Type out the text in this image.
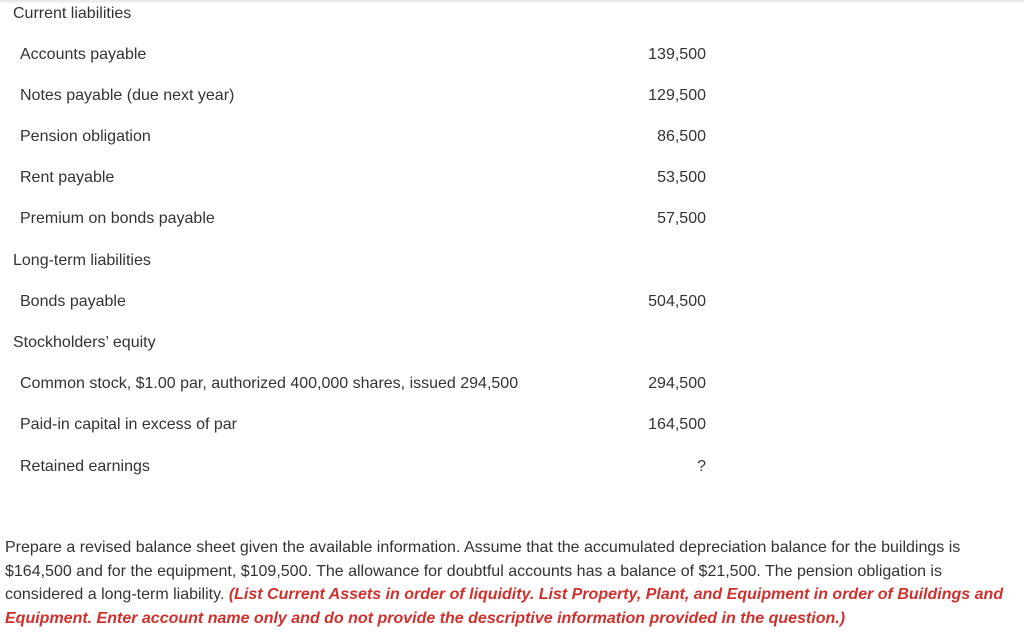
Current liabilities
Accounts payable	139,500
Notes payable (due next year)	129,500
Pension obligation	86,500
Rent payable	53,500
Premium on bonds payable	57,500
Long-term liabilities
Bonds payable	504,500
Stockholders’ equity
Common stock, $1.00 par, authorized 400,000 shares, issued 294,500	294,500
Paid-in capital in excess of par	164,500
Retained earnings	?
Prepare a revised balance sheet given the available information. Assume that the accumulated depreciation balance for the buildings is $164,500 and for the equipment, $109,500. The allowance for doubtful accounts has a balance of $21,500. The pension obligation is considered a long-term liability. (List Current Assets in order of liquidity. List Property, Plant, and Equipment in order of Buildings and Equipment. Enter account name only and do not provide the descriptive information provided in the question.)
